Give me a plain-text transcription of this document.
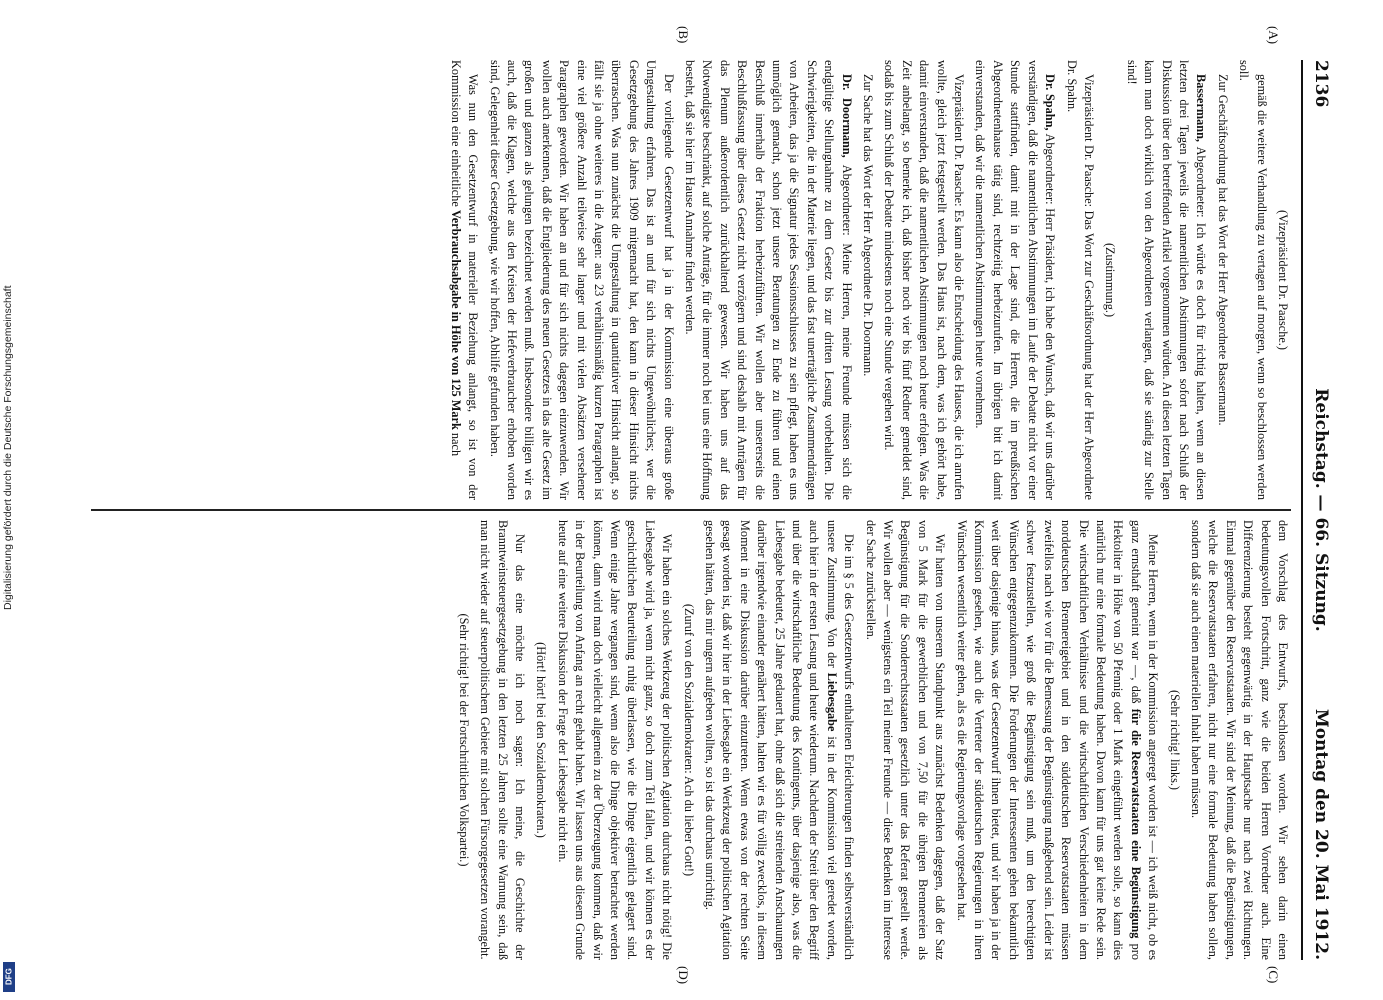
2136
Reichstag. — 66. Sitzung.
Montag den 20. Mai 1912.

(Vizepräsident Dr. Paasche.)

gemäß die weitere Verhandlung zu vertagen auf morgen, wenn so beschlossen werden soll.

Zur Geschäftsordnung hat das Wort der Herr Abgeordnete Bassermann.

Bassermann, Abgeordneter: Ich würde es doch für richtig halten, wenn an diesen letzten drei Tagen jeweils die namentlichen Abstimmungen sofort nach Schluß der Diskussion über den betreffenden Artikel vorgenommen würden. An diesen letzten Tagen kann man doch wirklich von den Abgeordneten verlangen, daß sie ständig zur Stelle sind!

(Zustimmung.)

Vizepräsident Dr. Paasche: Das Wort zur Geschäftsordnung hat der Herr Abgeordnete Dr. Spahn.

Dr. Spahn, Abgeordneter: Herr Präsident, ich habe den Wunsch, daß wir uns darüber verständigen, daß die namentlichen Abstimmungen im Laufe der Debatte nicht vor einer Stunde stattfinden, damit mit in der Lage sind, die Herren, die im preußischen Abgeordnetenhause tätig sind, rechtzeitig herbeizurufen. Im übrigen bitt ich damit einverstanden, daß wir die namentlichen Abstimmungen heute vornehmen.

Vizepräsident Dr. Paasche: Es kann also die Entscheidung des Hauses, die ich anrufen wollte, gleich jetzt festgestellt werden. Das Haus ist, nach dem, was ich gehört habe, damit einverstanden, daß die namentlichen Abstimmungen noch heute erfolgen. Was die Zeit anbelangt, so bemerke ich, daß bisher noch vier bis fünf Redner gemeldet sind, sodaß bis zum Schluß der Debatte mindestens noch eine Stunde vergehen wird.

Zur Sache hat das Wort der Herr Abgeordnete Dr. Doormann.

Dr. Doormann, Abgeordneter: Meine Herren, meine Freunde müssen sich die endgültige Stellungnahme zu dem Gesetz bis zur dritten Lesung vorbehalten. Die Schwierigkeiten, die in der Materie liegen, und das fast unerträgliche Zusammendrängen von Arbeiten, das ja die Signatur jedes Sessionsschlusses zu sein pflegt, haben es uns unmöglich gemacht, schon jetzt unsere Beratungen zu Ende zu führen und einen Beschluß innerhalb der Fraktion herbeizuführen. Wir wollen aber unsererseits die Beschlußfassung über dieses Gesetz nicht verzögern und sind deshalb mit Anträgen für das Plenum außerordentlich zurückhaltend gewesen. Wir haben uns auf das Notwendigste beschränkt, auf solche Anträge, für die immer noch bei uns eine Hoffnung besteht, daß sie hier im Hause Annahme finden werden.

Der vorliegende Gesetzentwurf hat ja in der Kommission eine überaus große Umgestaltung erfahren. Das ist an und für sich nichts Ungewöhnliches; wer die Gesetzgebung des Jahres 1909 mitgemacht hat, den kann in dieser Hinsicht nichts überraschen. Was nun zunächst die Umgestaltung in quantitativer Hinsicht anlangt, so fällt sie ja ohne weiteres in die Augen: aus 23 verhältnismäßig kurzen Paragraphen ist eine viel größere Anzahl teilweise sehr langer und mit vielen Absätzen versehener Paragraphen geworden. Wir haben an und für sich nichts dagegen einzuwenden. Wir wollen auch anerkennen, daß die Entgliederung des neuen Gesetzes in das alte Gesetz im großen und ganzen als gelungen bezeichnet werden muß. Insbesondere billigen wir es auch, daß die Klagen, welche aus den Kreisen der Hefeverbraucher erhoben worden sind, Gelegenheit dieser Gesetzgebung, wie wir hoffen, Abhilfe gefunden haben.

Was nun den Gesetzentwurf in materieller Beziehung anlangt, so ist von der Kommission eine einheitliche Verbrauchsabgabe in Höhe von 125 Mark nach

dem Vorschlag des Entwurfs, beschlossen worden. Wir sehen darin einen bedeutungsvollen Fortschritt, ganz wie die beiden Herren Vorredner auch. Eine Differenzierung besteht gegenwärtig in der Hauptsache nur nach zwei Richtungen. Einmal gegenüber den Reservatstaaten. Wir sind der Meinung, daß die Begünstigungen, welche die Reservatstaaten erfahren, nicht nur eine formale Bedeutung haben sollen, sondern daß sie auch einen materiellen Inhalt haben müssen.

(Sehr richtig! links.)

Meine Herren, wenn in der Kommission angeregt worden ist — ich weiß nicht, ob es ganz ernsthaft gemeint war —, daß für die Reservatstaaten eine Begünstigung pro Hektoliter in Höhe von 50 Pfennig oder 1 Mark eingeführt werden solle, so kann dies natürlich nur eine formale Bedeutung haben. Davon kann für uns gar keine Rede sein. Die wirtschaftlichen Verhältnisse und die wirtschaftlichen Verschiedenheiten in dem norddeutschen Brennereigebiet und in den süddeutschen Reservatstaaten müssen zweifellos nach wie vor für die Bemessung der Begünstigung maßgebend sein. Leider ist schwer festzustellen, wie groß die Begünstigung sein muß, um den berechtigten Wünschen entgegenzukommen. Die Forderungen der Interessenten gehen bekanntlich weit über dasjenige hinaus, was der Gesetzentwurf ihnen bietet, und wir haben ja in der Kommission gesehen, wie auch die Vertreter der süddeutschen Regierungen in ihren Wünschen wesentlich weiter gehen, als es die Regierungsvorlage vorgesehen hat.

Wir hatten von unserem Standpunkt aus zunächst Bedenken dagegen, daß der Satz von 5 Mark für die gewerblichen und von 7,50 für die übrigen Brennereien als Begünstigung für die Sonderrechtsstaaten gesetzlich unter das Referat gestellt werde. Wir wollen aber — wenigstens ein Teil meiner Freunde — diese Bedenken im Interesse der Sache zurückstellen.

Die im § 5 des Gesetzentwurfs enthaltenen Erleichterungen finden selbstverständlich unsere Zustimmung. Von der Liebesgabe ist in der Kommission viel geredet worden, auch hier in der ersten Lesung und heute wiederum. Nachdem der Streit über den Begriff und über die wirtschaftliche Bedeutung des Kontingents, über dasjenige also, was die Liebesgabe bedeutet, 25 Jahre gedauert hat, ohne daß sich die streitenden Anschauungen darüber irgendwie einander genähert hätten, halten wir es für völlig zwecklos, in diesem Moment in eine Diskussion darüber einzutreten. Wenn etwas von der rechten Seite gesagt worden ist, daß wir hier in der Liebesgabe ein Werkzeug der politischen Agitation gesehen hätten, das mir ungern aufgeben wollten, so ist das durchaus unrichtig.

(Zuruf von den Sozialdemokraten: Ach du lieber Gott!)

Wir haben ein solches Werkzeug der politischen Agitation durchaus nicht nötig! Die Liebesgabe wird ja, wenn nicht ganz, so doch zum Teil fallen, und wir können es der geschichtlichen Beurteilung ruhig überlassen, wie die Dinge eigentlich gelagert sind. Wenn einige Jahre vergangen sind, wenn also die Dinge objektiver betrachtet werden können, dann wird man doch vielleicht allgemein zu der Überzeugung kommen, daß wir in der Beurteilung von Anfang an recht gehabt haben. Wir lassen uns aus diesem Grunde heute auf eine weitere Diskussion der Frage der Liebesgabe nicht ein.

(Hört! hört! bei den Sozialdemokraten.)

Nur das eine möchte ich noch sagen: Ich meine, die Geschichte der Branntweinsteuergesetzgebung in den letzten 25 Jahren sollte eine Warnung sein, daß man nicht wieder auf steuerpolitischem Gebiete mit solchen Fürsorgegesetzen vorangeht.

(Sehr richtig! bei der Fortschrittlichen Volkspartei.)

(A)
(B)
(C)
(D)
Digitalisierung gefördert durch die Deutsche Forschungsgemeinschaft
DFG
